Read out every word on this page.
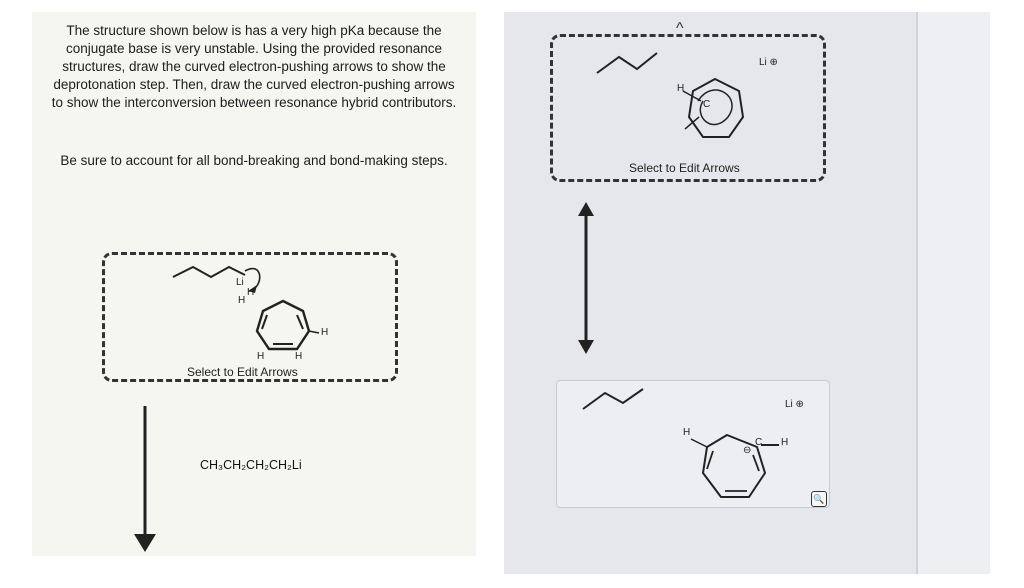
The structure shown below is has a very high pKa because the conjugate base is very unstable. Using the provided resonance structures, draw the curved electron-pushing arrows to show the deprotonation step. Then, draw the curved electron-pushing arrows to show the interconversion between resonance hybrid contributors.

Be sure to account for all bond-breaking and bond-making steps.

Li
H
H
H
H	H
Select to Edit Arrows
CH₃CH₂CH₂CH₂Li
^
H
C
Li ⊕
Select to Edit Arrows
Li ⊕
H
C H
⊖
🔍
